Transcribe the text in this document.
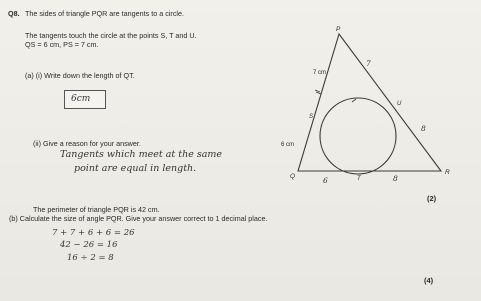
Q8. The sides of triangle PQR are tangents to a circle.
The tangents touch the circle at the points S, T and U.
QS = 6 cm, PS = 7 cm.
(a) (i) Write down the length of QT.
6cm
(ii) Give a reason for your answer.
Tangents which meet at the same
point are equal in length.
(2)
The perimeter of triangle PQR is 42 cm.
(b) Calculate the size of angle PQR. Give your answer correct to 1 decimal place.
7 + 7 + 6 + 6 = 26
42 − 26 = 16
16 ÷ 2 = 8
(4)
P
Q
R
S
T
U
7 cm
6 cm
7
8
6	8
